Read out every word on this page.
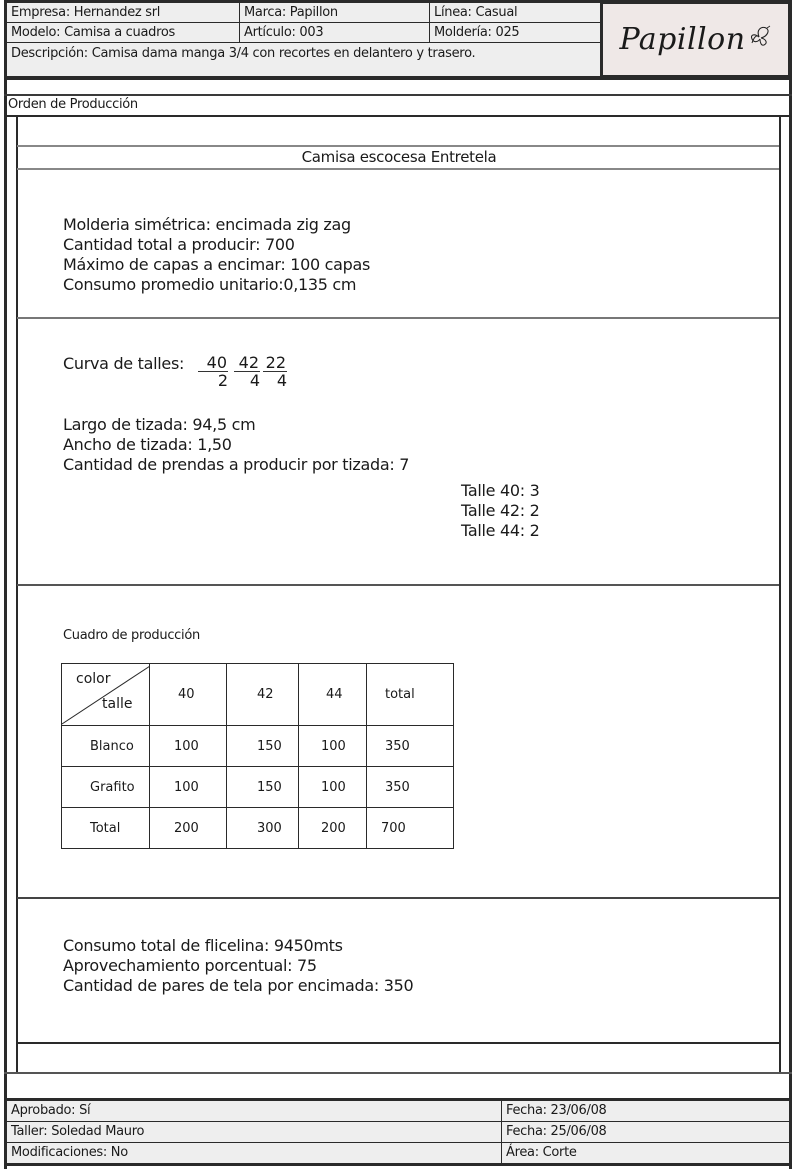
Empresa: Hernandez srl	Marca: Papillon	Línea: Casual
Modelo: Camisa a cuadros	Artículo: 003	Moldería: 025
Descripción: Camisa dama manga 3/4 con recortes en delantero y trasero.	Papillon
Orden de Producción
Camisa escocesa Entretela
Molderia simétrica: encimada zig zag
Cantidad total a producir: 700
Máximo de capas a encimar: 100 capas
Consumo promedio unitario:0,135 cm
Curva de talles: $\frac{40}{2} \frac{42}{4} \frac{22}{4}$
Largo de tizada: 94,5 cm
Ancho de tizada: 1,50
Cantidad de prendas a producir por tizada: 7
Talle 40: 3
Talle 42: 2
Talle 44: 2
Cuadro de producción
color
talle	40	42	44	total
Blanco	100	150	100	350
Grafito	100	150	100	350
Total	200	300	200	700
Consumo total de flicelina: 9450mts
Aprovechamiento porcentual: 75
Cantidad de pares de tela por encimada: 350
Aprobado: Sí	Fecha: 23/06/08
Taller: Soledad Mauro	Fecha: 25/06/08
Modificaciones: No	Área: Corte
